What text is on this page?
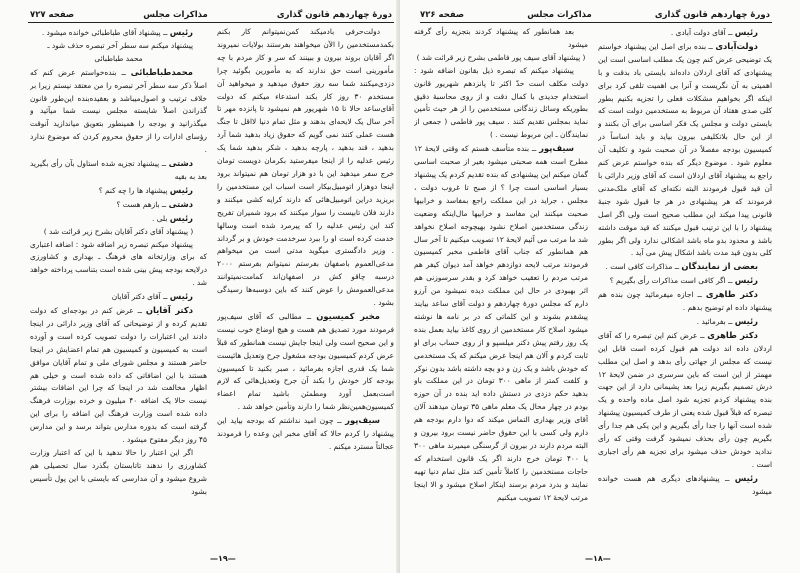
دورهٔ چهاردهم قانون گذاری
مذاکرات مجلس
صفحه ۷۲۷

دولت‌حرفی بادمیکند کمن‌نمیتوانم کار بکنم بکمدمستخدمین را الآن میخواهند بفرستند بولایات نمیروند اگر آقایان بروند بیرون و ببینند که سر و کار مردم با چه مأمورینی است حق ندارند که به مأمورین بگوئید چرا دزدی‌میکنند شما سه روز حقوق میدهید و میخواهید آن مستخدم ۳۰ روز کار بکند استدعاء میکنم که دولت آقای‌ساعد حالا تا ۱۵ شهریور هم نمیشود تا پانزده مهر تا آخر سال یک لایحه‌ای بدهند و مثل تمام دنیا لااقل تا جنگ هست عملی کنند نمی گویم که حقوق زیاد بدهید شما آرد بدهید ، قند بدهید ، پارچه بدهید ، شکر بدهید شما یک رئیس عدلیه را از اینجا میفرستید بکرمان دویست تومان خرج سفر میدهید این با دو هزار تومان هم نمیتواند برود اینجا دوهزار اتومبیل‌بیکار است اسباب این مستخدمین را بریزید دراین اتومبیل‌هائی که دارند کرایه کشی میکنند و دارند فلان تابیست را سوار میکنند که برود شمیران تفریح کند این رئیس عدلیه را که پیرمرد شده است وسالها خدمت کرده است او را ببرد سرخدمت خودش و بر گرداند . وزیر دادگستری میگوید مدتی است من میخواهم مدعی‌العموم باصفهان بفرستم نمیتوانم بفرستم ۲۰۰۰ درسبه چاقو کش در اصفهان‌اند کمامت‌نمیتوانند مدعی‌العمومش را عوض کنند که باین دوسبه‌ها رسیدگی بشود .

مخبر کمیسیون ــ مطالبی که آقای سیف‌پور فرمودند مورد تصدیق هم هست و هیچ اوضاع خوب نیست و این صحیح است ولی اینجا جایش نیست همانطور که قبلاً عرض کردم کمیسیون بودجه مشغول جرح وتعدیل هائیست شما یک قدری اجازه بفرمائید ، صبر بکنید تا کمیسیون بودجه کار خودش را بکند آن جرح وتعدیل‌هائی که لازم است‌بعمل آورد ومطمئن باشید تمام اعضاء کمیسیون‌همین‌نظر شما را دارند وتأمین خواهد شد .

سیف‌پور ــ چون امید نداشتم که بودجه بیاید این پیشنهاد را کردم حالا که آقای مخبر این وعده را فرمودند عجالتاً مسترد میکنم .

رئیس ــ پیشنهاد آقای طباطبائی خوانده میشود .

پیشنهاد میکنم سه سطر آخر تبصره حذف شود ـ

محمد طباطبائی

محمدطباطبائی ــ بنده‌خواستم عرض کنم که اصلاً ذکر سه سطر آخر تبصره را من معتقد نیستم زیرا بر خلاف ترتیب و اصول‌میباشد و بعقیده‌بنده این‌طور قانون گذراندن اصلاً شایسته مجلس نیست شما میآئید و میگذرانید و بودجه را همینطور بتعویق میاندازید آنوقت رؤسای ادارات را از حقوق محروم کردن که موضوع ندارد .

دشتی ــ پیشنهاد تجزیه شده استاول بآن رأی بگیرید بعد به بقیه

رئیس پیشنهاد ها را چه کنم ؟

دشتی ــ بازهم هست ؟

رئیس بلی .

( پیشنهاد آقای دکتر آقایان بشرح زیر قرائت شد )

پیشنهاد میکنم تبصره زیر اضافه شود : اضافه اعتباری که برای وزارتخانه های فرهنگ ـ بهداری و کشاورزی درلایحه بودجه پیش بینی شده است بتناسب پرداخته خواهد شد .

رئیس ــ آقای دکتر آقایان

دکتر آقایان ــ عرض کنم در بودجه‌ای که دولت تقدیم کرده و از توضیحاتی که آقای وزیر دارائی در اینجا دادند این اعتبارات را دولت تصویب کرده است و آورده است به کمیسیون و کمیسیون هم تمام اعضایش در اینجا حاضر هستند و مجلس شورای ملی و تمام آقایان موافق هستند با این اضافاتی که داده شده است و خیلی هم اظهار مخالفت شد در اینجا که چرا این اضافات بیشتر نیست حالا یک اضافه ۴۰ میلیون و خرده بوزارت فرهنگ داده شده است وزارت فرهنگ این اضافه را برای این گرفته است که بدوره مدارس بتواند برسد و این مدارس ۴۵ روز دیگر مفتوح میشود .

اگر این اعتبار را حالا ندهید با این که اعتبار وزارت کشاورزی را ندهند تاتابستان بگذرد سال تحصیلی هم شروع میشود و آن مدارسی که بایستی با این پول تأسیس بشود

—۱۹—
دورهٔ چهاردهم قانون گذاری
مذاکرات مجلس
صفحه ۷۲۶

رئیس ــ آقای دولت آبادی .

دولت‌آبادی ــ بنده برای اصل این پیشنهاد خواستم یک توضیحی عرض کنم چون یک مطلب اساسی است این پیشنهادی که آقای اردلان داده‌اند بایستی باد بدقت و با اهمیتی به آن نگریست و آنرا بی اهمیت تلقی کرد برای اینکه اگر بخواهیم مشکلات فعلی را تجزیه بکنیم بطور کلی صدی هفتاد آن مربوط به مستخدمین دولت است که بایستی دولت و مجلس یک فکر اساسی برای آن بکنند و از این حال بلاتکلیفی بیرون بیاید و باید اساساً در کمیسیون بودجه مفصلاً در آن صحبت شود و تکلیف آن معلوم شود . موضوع دیگر که بنده خواستم عرض کنم راجع به پیشنهاد آقای اردلان است که آقای وزیر دارائی با آن قید قبول فرمودند البته نکته‌ای که آقای ملک‌مدنی فرمودند که هر پیشنهادی در هر جا قبول شود جنبهٔ قانونی پیدا میکند این مطلب صحیح است ولی اگر اصل پیشنهاد را با این ترتیب قبول میکنند که قید موقت داشته باشد و محدود بدو ماه باشد اشکالی ندارد ولی اگر بطور کلی بدون قید مدت باشد اشکال پیش می آید .

بعضی از نمایندگان ــ مذاکرات کافی است .

رئیس ــ اگر کافی است مذاکرات رأی بگیریم ؟

دکتر طاهری ــ اجازه میفرمائید چون بنده هم پیشنهاد داده ام توضیح بدهم .

رئیس ــ بفرمائید .

دکتر طاهری ــ عرض کنم این تبصره را که آقای اردلان داده اند دولت هم قبول کرده است قابل این نیست که مجلس از جهاتی رأی بدهد و اصل این مطلب مهمتر از این است که باین سرسری در ضمن لایحهٔ ۱۲ درش تصمیم بگیریم زیرا بعد پشیمانی دارد از این جهت بنده پیشنهاد کردم تجزیه شود اصل ماده واحده و یک تبصره که قبلاً قبول شده یعنی از طرف کمیسیون پیشنهاد شده است آنها را جدا رأی بگیریم و این یکی هم جدا رأی بگیریم چون رأی بحذف نمیشود گرفت وقتی که رأی ندادید خودش حذف میشود برای تجزیه هم رأی اجباری است .

رئیس ــ پیشنهادهای دیگری هم هست خوانده میشود

بعد همانطور که پیشنهاد کردند بتجزیه رأی گرفته میشود

( پیشنهاد آقای سیف پور فاطمی بشرح زیر قرائت شد )

پیشنهاد میکنم که تبصره ذیل بقانون اضافه شود : دولت مکلف است حدّ اکثر تا پانزدهم شهریور قانون استخدام جدیدی با کمال دقت و از روی محاسبهٔ دقیق بطوریکه وسائل زندگانی مستخدمین را از هر حیث تأمین نماید بمجلس تقدیم کنند . سیف پور فاطمی ( جمعی از نمایندگان ـ این مربوط نیست . )

سیف‌پور ــ بنده متأسف هستم که وقتی لایحهٔ ۱۲ مطرح است همه صحبتی میشود بغیر از صحبت اساسی گمان میکنم این پیشنهادی که بنده تقدیم کردم یک پیشنهاد بسیار اساسی است چرا ؟ از صبح تا غروب دولت ، مجلس ، جراید در این مملکت راجع بمفاسد و خرابیها صحبت میکنند این مفاسد و خرابیها مال‌اینکه وضعیت زندگی مستخدمین اصلاح نشود بهیچوجه اصلاح نخواهد شد ما مرتب می آئیم لایحهٔ ۱۲ تصویب میکنیم تا آخر سال هم همانطور که جناب آقای فاطمی مخبر کمیسیون فرمودند مرتب لایحه دوازدهم خواهد آمد دیوان کیفر هم مرتب مردم را تعقیب خواهد کرد و بقدر سرسوزنی هم اثر بهبودی در حال این مملکت دیده نمیشود من آرزو دارم که مجلس دورهٔ چهاردهم و دولت آقای ساعد بیایند پیشقدم بشوند و این کلماتی که در بر نامه ها نوشته میشود اصلاح کار مستخدمین از روی کاغذ بیاید بعمل بنده یک روز رفتم پیش دکتر میلسپو و از روی حساب برای او ثابت کردم و آلان هم اینجا عرض میکنم که یک مستخدمی که خودش باشد و یک زن و دو بچه داشته باشد بدون نوکر و کلفت کمتر از ماهی ۳۰۰ تومان در این مملکت باو بدهید حکم دزدی در دستش داده اید بنده در آن حوزه بودم در چهار محال یک معلم ماهی ۳۵ تومان میدهند آلان آقای وزیر بهداری التماس میکند که دوا دارم بودجه هم دارم ولی کسی با این حقوق حاضر نیست برود بیرون و البته مردم دارند در بیرون از گرسنگی میمیرند ماهی ۳۰۰ یا ۴۰۰ تومان خرج دارند اگر یک قانون استخدام که حاجات مستخدمین را کاملاً تأمین کند مثل تمام دنیا تهیه نمایند و بدرد مردم برسند اینکار اصلاح میشود و الا اینجا مرتب لایحهٔ ۱۲ تصویب میکنیم

—۱۸—
